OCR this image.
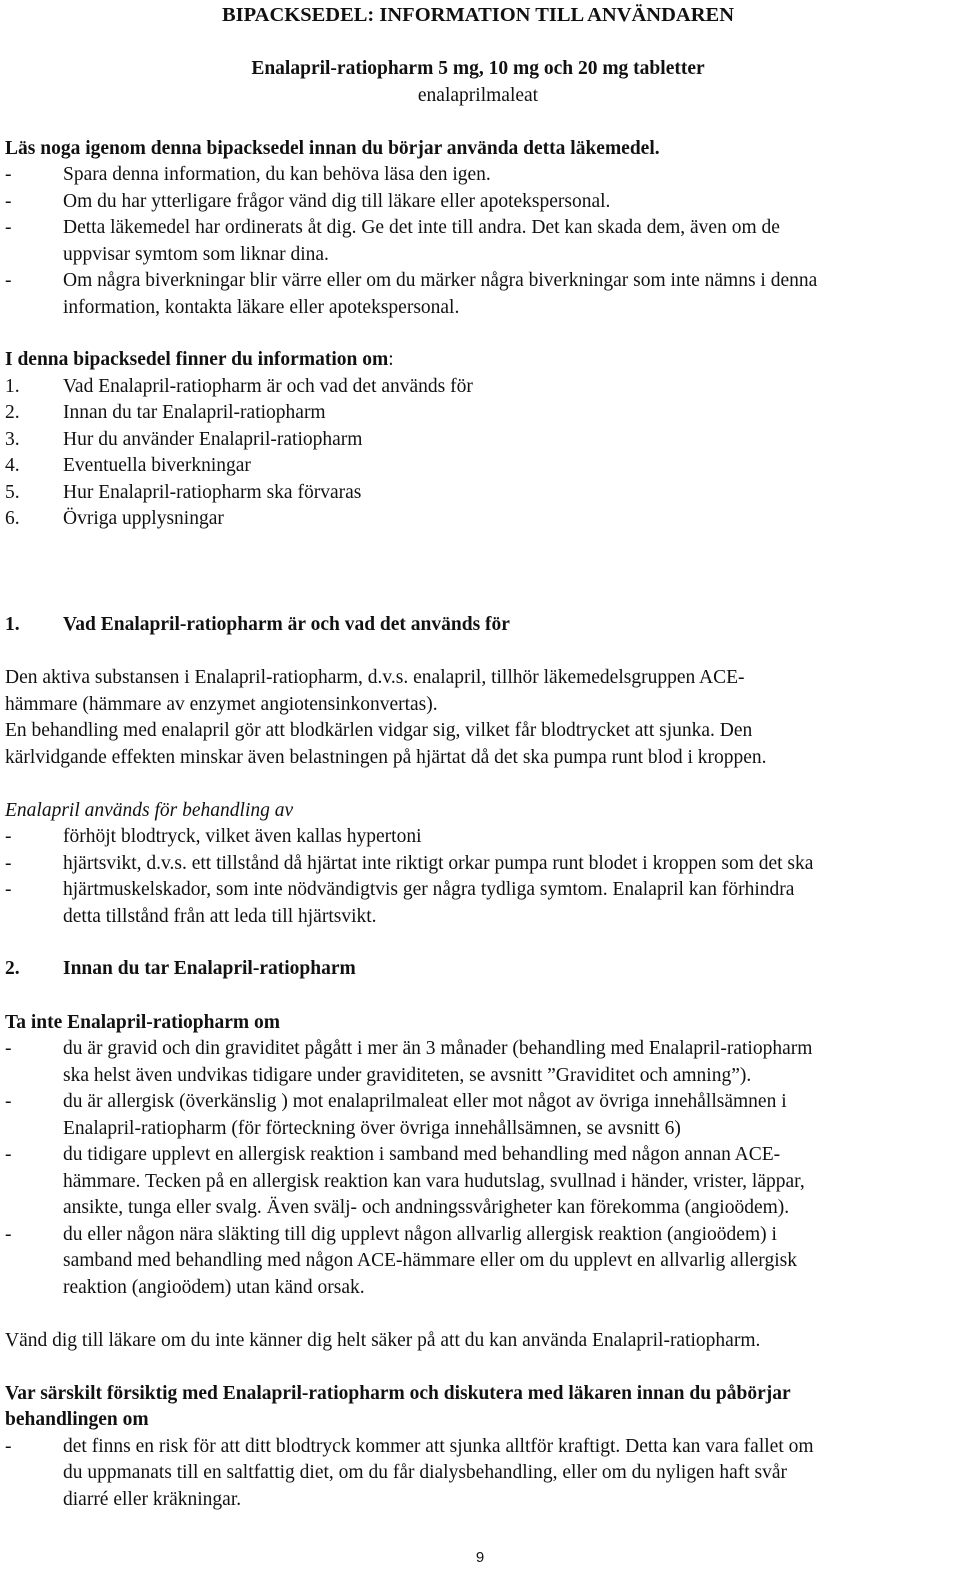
BIPACKSEDEL: INFORMATION TILL ANVÄNDAREN
Enalapril-ratiopharm 5 mg, 10 mg och 20 mg tabletter
enalaprilmaleat
Läs noga igenom denna bipacksedel innan du börjar använda detta läkemedel.
-	Spara denna information, du kan behöva läsa den igen.
-	Om du har ytterligare frågor vänd dig till läkare eller apotekspersonal.
-	Detta läkemedel har ordinerats åt dig. Ge det inte till andra. Det kan skada dem, även om de
uppvisar symtom som liknar dina.
-	Om några biverkningar blir värre eller om du märker några biverkningar som inte nämns i denna
information, kontakta läkare eller apotekspersonal.
I denna bipacksedel finner du information om:
1. Vad Enalapril-ratiopharm är och vad det används för
2. Innan du tar Enalapril-ratiopharm
3. Hur du använder Enalapril-ratiopharm
4. Eventuella biverkningar
5. Hur Enalapril-ratiopharm ska förvaras
6. Övriga upplysningar
1. Vad Enalapril-ratiopharm är och vad det används för
Den aktiva substansen i Enalapril-ratiopharm, d.v.s. enalapril, tillhör läkemedelsgruppen ACE-
hämmare (hämmare av enzymet angiotensinkonvertas).
En behandling med enalapril gör att blodkärlen vidgar sig, vilket får blodtrycket att sjunka. Den
kärlvidgande effekten minskar även belastningen på hjärtat då det ska pumpa runt blod i kroppen.
Enalapril används för behandling av
-	förhöjt blodtryck, vilket även kallas hypertoni
-	hjärtsvikt, d.v.s. ett tillstånd då hjärtat inte riktigt orkar pumpa runt blodet i kroppen som det ska
-	hjärtmuskelskador, som inte nödvändigtvis ger några tydliga symtom. Enalapril kan förhindra
detta tillstånd från att leda till hjärtsvikt.
2. Innan du tar Enalapril-ratiopharm
Ta inte Enalapril-ratiopharm om
-	du är gravid och din graviditet pågått i mer än 3 månader (behandling med Enalapril-ratiopharm
ska helst även undvikas tidigare under graviditeten, se avsnitt ”Graviditet och amning”).
-	du är allergisk (överkänslig ) mot enalaprilmaleat eller mot något av övriga innehållsämnen i
Enalapril-ratiopharm (för förteckning över övriga innehållsämnen, se avsnitt 6)
-	du tidigare upplevt en allergisk reaktion i samband med behandling med någon annan ACE-
hämmare. Tecken på en allergisk reaktion kan vara hudutslag, svullnad i händer, vrister, läppar,
ansikte, tunga eller svalg. Även svälj- och andningssvårigheter kan förekomma (angioödem).
-	du eller någon nära släkting till dig upplevt någon allvarlig allergisk reaktion (angioödem) i
samband med behandling med någon ACE-hämmare eller om du upplevt en allvarlig allergisk
reaktion (angioödem) utan känd orsak.
Vänd dig till läkare om du inte känner dig helt säker på att du kan använda Enalapril-ratiopharm.
Var särskilt försiktig med Enalapril-ratiopharm och diskutera med läkaren innan du påbörjar
behandlingen om
-	det finns en risk för att ditt blodtryck kommer att sjunka alltför kraftigt. Detta kan vara fallet om
du uppmanats till en saltfattig diet, om du får dialysbehandling, eller om du nyligen haft svår
diarré eller kräkningar.
9
